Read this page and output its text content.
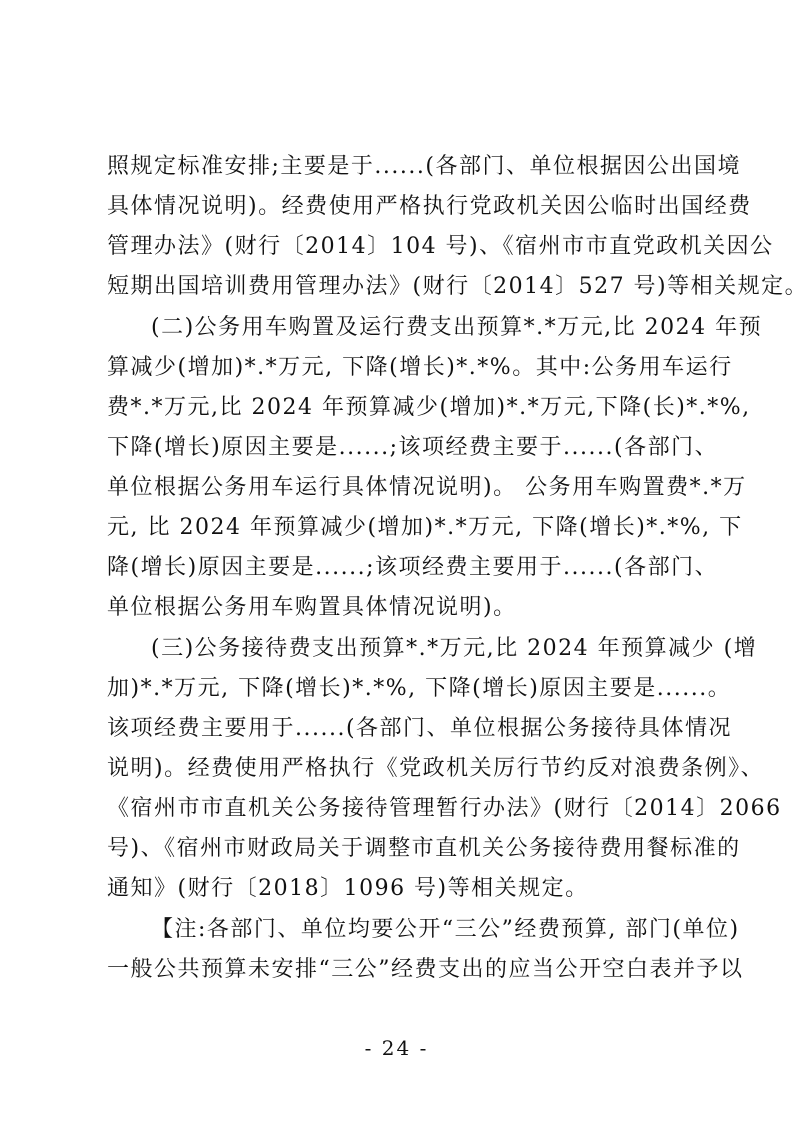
照规定标准安排;主要是于......(各部门、单位根据因公出国境
具体情况说明)。经费使用严格执行党政机关因公临时出国经费
管理办法》(财行〔2014〕104 号)、《宿州市市直党政机关因公
短期出国培训费用管理办法》(财行〔2014〕527 号)等相关规定。
(二)公务用车购置及运行费支出预算*.*万元,比 2024 年预
算减少(增加)*.*万元, 下降(增长)*.*%。其中:公务用车运行
费*.*万元,比 2024 年预算减少(增加)*.*万元,下降(长)*.*%,
下降(增长)原因主要是......;该项经费主要于......(各部门、
单位根据公务用车运行具体情况说明)。 公务用车购置费*.*万
元, 比 2024 年预算减少(增加)*.*万元, 下降(增长)*.*%, 下
降(增长)原因主要是......;该项经费主要用于......(各部门、
单位根据公务用车购置具体情况说明)。
(三)公务接待费支出预算*.*万元,比 2024 年预算减少 (增
加)*.*万元, 下降(增长)*.*%, 下降(增长)原因主要是......。
该项经费主要用于......(各部门、单位根据公务接待具体情况
说明)。经费使用严格执行《党政机关厉行节约反对浪费条例》、
《宿州市市直机关公务接待管理暂行办法》(财行〔2014〕2066
号)、《宿州市财政局关于调整市直机关公务接待费用餐标准的
通知》(财行〔2018〕1096 号)等相关规定。
【注:各部门、单位均要公开“三公”经费预算, 部门(单位)
一般公共预算未安排“三公”经费支出的应当公开空白表并予以
- 24 -
